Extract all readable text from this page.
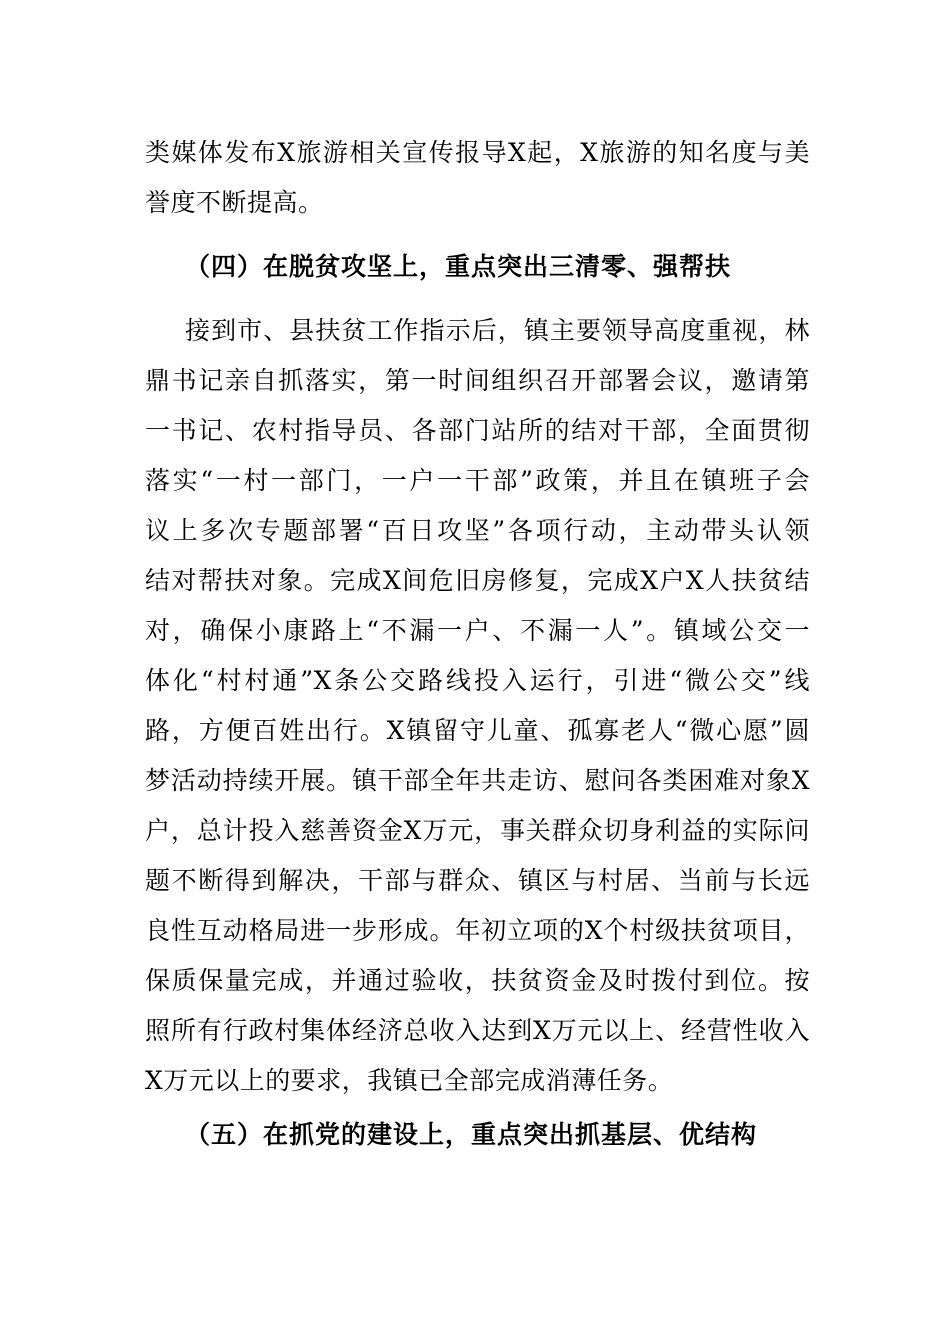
类媒体发布X旅游相关宣传报导X起，X旅游的知名度与美
誉度不断提高。
（四）在脱贫攻坚上，重点突出三清零、强帮扶
接到市、县扶贫工作指示后，镇主要领导高度重视，林
鼎书记亲自抓落实，第一时间组织召开部署会议，邀请第
一书记、农村指导员、各部门站所的结对干部，全面贯彻
落实“一村一部门，一户一干部”政策，并且在镇班子会
议上多次专题部署“百日攻坚”各项行动，主动带头认领
结对帮扶对象。完成X间危旧房修复，完成X户X人扶贫结
对，确保小康路上“不漏一户、不漏一人”。镇域公交一
体化“村村通”X条公交路线投入运行，引进“微公交”线
路，方便百姓出行。X镇留守儿童、孤寡老人“微心愿”圆
梦活动持续开展。镇干部全年共走访、慰问各类困难对象X
户，总计投入慈善资金X万元，事关群众切身利益的实际问
题不断得到解决，干部与群众、镇区与村居、当前与长远
良性互动格局进一步形成。年初立项的X个村级扶贫项目，
保质保量完成，并通过验收，扶贫资金及时拨付到位。按
照所有行政村集体经济总收入达到X万元以上、经营性收入
X万元以上的要求，我镇已全部完成消薄任务。
（五）在抓党的建设上，重点突出抓基层、优结构
